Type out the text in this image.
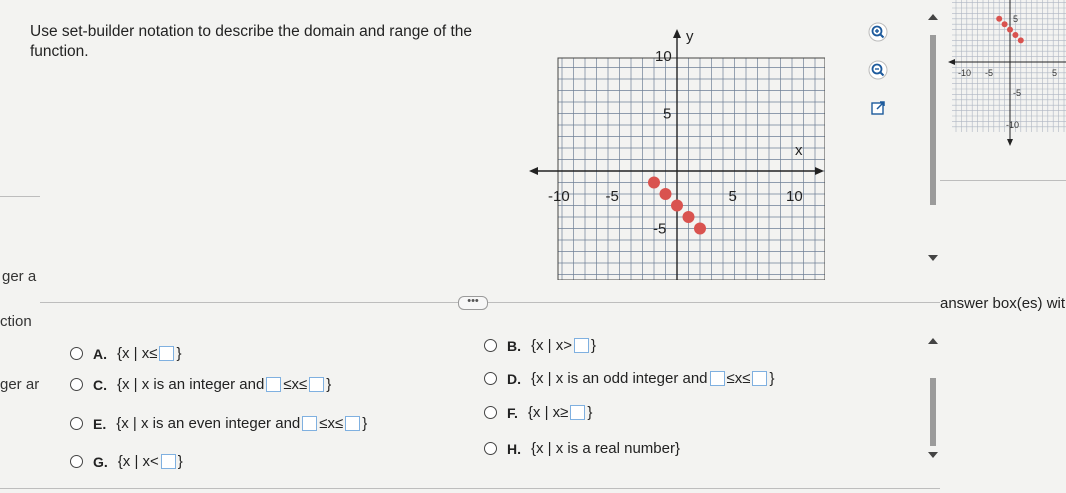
Use set-builder notation to describe the domain and range of the function.
y
x
-10 -5	5	10
10
5
-5
-10 -5	5
5
-5
-10
ger a
ction
ger ar
•••	answer box(es) wit
A. {x | x≤ }	B. {x | x> }
C. {x | x is an integer and ≤x≤ }	D. {x | x is an odd integer and ≤x≤ }
E. {x | x is an even integer and ≤x≤ }
F. {x | x≥ }
H. {x | x is a real number}
G. {x | x< }
